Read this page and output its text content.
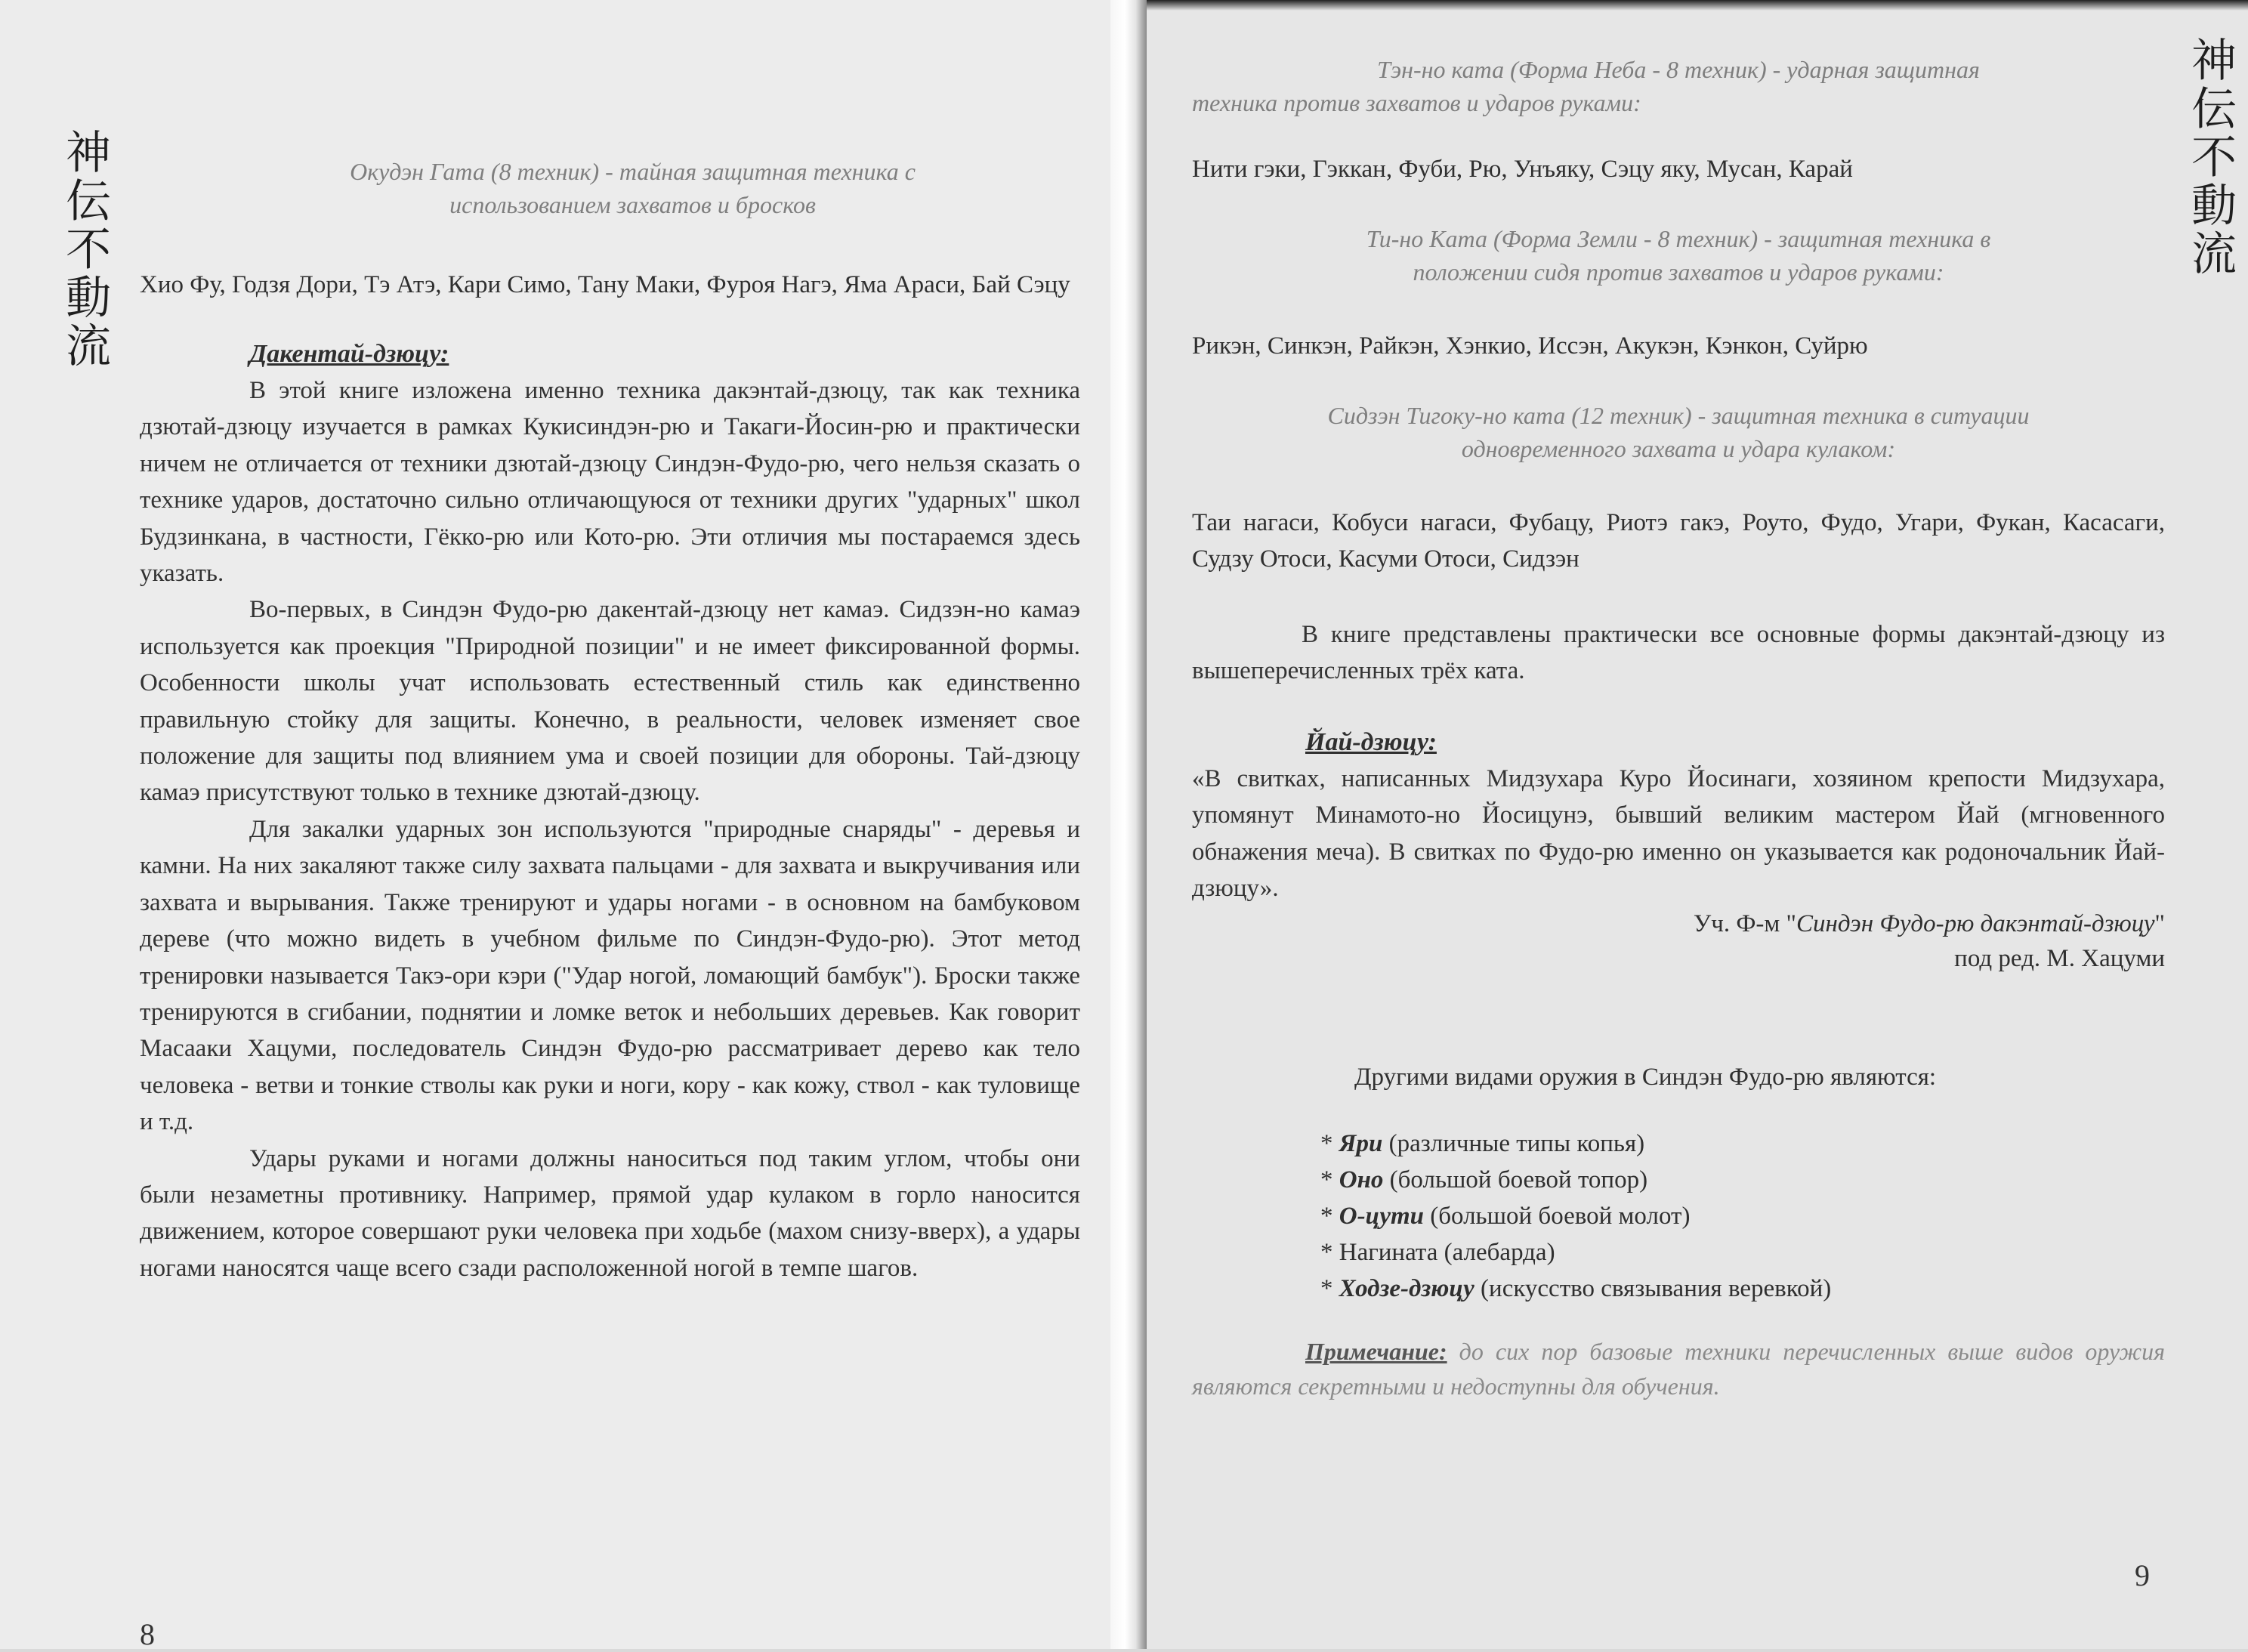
神伝不動流	Окудэн Гата (8 техник) - тайная защитная техника с

использованием захватов и бросков

Хио Фу, Годзя Дори, Тэ Атэ, Кари Симо, Тану Маки, Фурoя Нагэ, Яма Араси, Бай Сэцу

Дакентай-дзюцу:

В этой книге изложена именно техника дакэнтай-дзюцу, так как техника дзютай-дзюцу изучается в рамках Кукисиндэн-рю и Такаги-Йосин-рю и практически ничем не отличается от техники дзютай-дзюцу Синдэн-Фудо-рю, чего нельзя сказать о технике ударов, достаточно сильно отличающуюся от техники других "ударных" школ Будзинкана, в частности, Гёкко-рю или Кото-рю. Эти отличия мы постараемся здесь указать.

Во-первых, в Синдэн Фудо-рю дакентай-дзюцу нет камаэ. Сидзэн-но камаэ используется как проекция "Природной позиции" и не имеет фиксированной формы. Особенности школы учат использовать естественный стиль как единственно правильную стойку для защиты. Конечно, в реальности, человек изменяет свое положение для защиты под влиянием ума и своей позиции для обороны. Тай-дзюцу камаэ присутствуют только в технике дзютай-дзюцу.

Для закалки ударных зон используются "природные снаряды" - деревья и камни. На них закаляют также силу захвата пальцами - для захвата и выкручивания или захвата и вырывания. Также тренируют и удары ногами - в основном на бамбуковом дереве (что можно видеть в учебном фильме по Синдэн-Фудо-рю). Этот метод тренировки называется Такэ-ори кэри ("Удар ногой, ломающий бамбук"). Броски также тренируются в сгибании, поднятии и ломке веток и небольших деревьев. Как говорит Масааки Хацуми, последователь Синдэн Фудо-рю рассматривает дерево как тело человека - ветви и тонкие стволы как руки и ноги, кору - как кожу, ствол - как туловище и т.д.

Удары руками и ногами должны наноситься под таким углом, чтобы они были незаметны противнику. Например, прямой удар кулаком в горло наносится движением, которое совершают руки человека при ходьбе (махом снизу-вверх), а удары ногами наносятся чаще всего сзади расположенной ногой в темпе шагов.

8
神伝不動流

Тэн-но ката (Форма Неба - 8 техник) - ударная защитная

техника против захватов и ударов руками:

Нити гэки, Гэккан, Фуби, Рю, Унъяку, Сэцу яку, Мусан, Карай

Ти-но Ката (Форма Земли - 8 техник) - защитная техника в

положении сидя против захватов и ударов руками:

Рикэн, Синкэн, Райкэн, Хэнкио, Иссэн, Акукэн, Кэнкон, Суйрю

Сидзэн Тигоку-но ката (12 техник) - защитная техника в ситуации

одновременного захвата и удара кулаком:

Таи нагаси, Кобуси нагаси, Фубацу, Риотэ гакэ, Роуто, Фудо, Угари, Фукан, Касасаги, Судзу Отоси, Касуми Отоси, Сидзэн

В книге представлены практически все основные формы дакэнтай-дзюцу из вышеперечисленных трёх ката.

Йай-дзюцу:

«В свитках, написанных Мидзухара Куро Йосинаги, хозяином крепости Мидзухара, упомянут Минамото-но Йосицунэ, бывший великим мастером Йай (мгновенного обнажения меча). В свитках по Фудо-рю именно он указывается как родоночальник Йай-дзюцу».

Уч. Ф-м "Синдэн Фудо-рю дакэнтай-дзюцу"

под ред. М. Хацуми

Другими видами оружия в Синдэн Фудо-рю являются:

* Яри (различные типы копья)
* Оно (большой боевой топор)
* О-цути (большой боевой молот)
* Нагината (алебарда)
* Ходзе-дзюцу (искусство связывания веревкой)

Примечание: до сих пор базовые техники перечисленных выше видов оружия являются секретными и недоступны для обучения.

9
